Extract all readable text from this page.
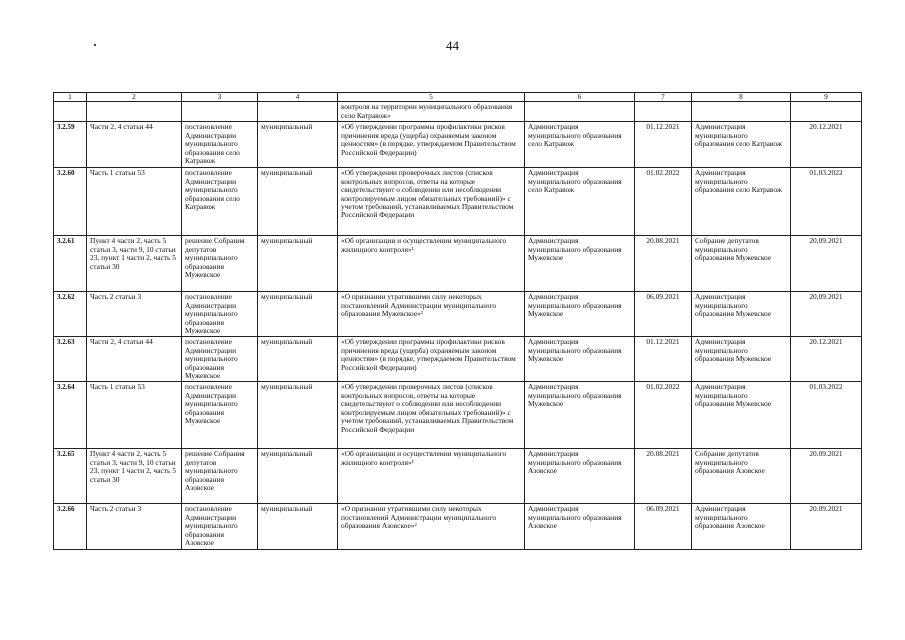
44
1	2	3	4	5	6	7	8	9
				контроля на территории муниципального образования село Катравож»				
3.2.59	Части 2, 4 статьи 44	постановление Администрации муниципального образования село Катравож	муниципальный	«Об утверждении программы профилактики рисков причинения вреда (ущерба) охраняемым законом ценностям» (в порядке, утверждаемом Правительством Российской Федерации)	Администрация муниципального образования село Катравож	01.12.2021	Администрация муниципального образования село Катравож	20.12.2021
3.2.60	Часть 1 статьи 53	постановление Администрации муниципального образования село Катравож	муниципальный	«Об утверждении проверочных листов (списков контрольных вопросов, ответы на которые свидетельствуют о соблюдении или несоблюдении контролируемым лицом обязательных требований)» с учетом требований, устанавливаемых Правительством Российской Федерации	Администрация муниципального образования село Катравож	01.02.2022	Администрация муниципального образования село Катравож	01.03.2022
3.2.61	Пункт 4 части 2, часть 5 статьи 3, части 9, 10 статьи 23, пункт 1 части 2, часть 5 статьи 30	решение Собрания депутатов муниципального образования Мужевское	муниципальный	«Об организации и осуществлении муниципального жилищного контроля»¹	Администрация муниципального образования Мужевское	20.08.2021	Собрание депутатов муниципального образования Мужевское	20.09.2021
3.2.62	Часть 2 статьи 3	постановление Администрации муниципального образования Мужевское	муниципальный	«О признании утратившими силу некоторых постановлений Администрации муниципального образования Мужевское»²	Администрация муниципального образования Мужевское	06.09.2021	Администрация муниципального образования Мужевское	20.09.2021
3.2.63	Части 2, 4 статьи 44	постановление Администрации муниципального образования Мужевское	муниципальный	«Об утверждении программы профилактики рисков причинения вреда (ущерба) охраняемым законом ценностям» (в порядке, утверждаемом Правительством Российской Федерации)	Администрация муниципального образования Мужевское	01.12.2021	Администрация муниципального образования Мужевское	20.12.2021
3.2.64	Часть 1 статьи 53	постановление Администрации муниципального образования Мужевское	муниципальный	«Об утверждении проверочных листов (списков контрольных вопросов, ответы на которые свидетельствуют о соблюдении или несоблюдении контролируемым лицом обязательных требований)» с учетом требований, устанавливаемых Правительством Российской Федерации	Администрация муниципального образования Мужевское	01.02.2022	Администрация муниципального образования Мужевское	01.03.2022
3.2.65	Пункт 4 части 2, часть 5 статьи 3, части 9, 10 статьи 23, пункт 1 части 2, часть 5 статьи 30	решение Собрания депутатов муниципального образования Азовское	муниципальный	«Об организации и осуществлении муниципального жилищного контроля»¹	Администрация муниципального образования Азовское	20.08.2021	Собрание депутатов муниципального образования Азовское	20.09.2021
3.2.66	Часть 2 статьи 3	постановление Администрации муниципального образования Азовское	муниципальный	«О признании утратившими силу некоторых постановлений Администрации муниципального образования Азовское»²	Администрация муниципального образования Азовское	06.09.2021	Администрация муниципального образования Азовское	20.09.2021
